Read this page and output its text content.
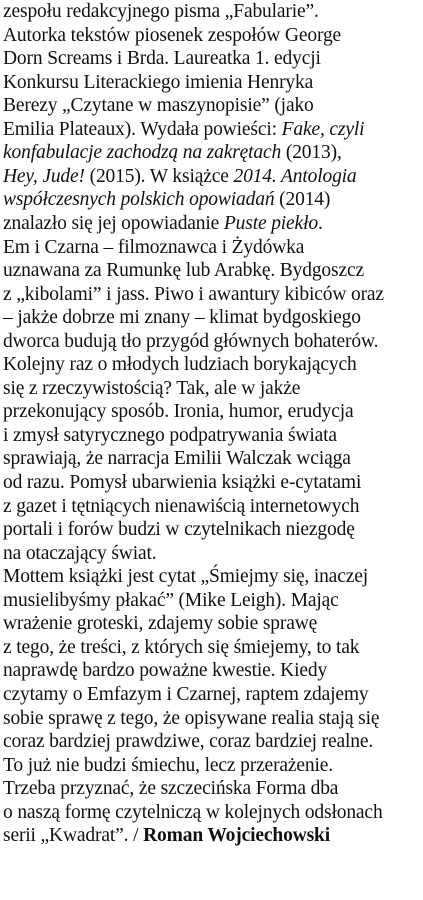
zespołu redakcyjnego pisma „Fabularie”.
Autorka tekstów piosenek zespołów George
Dorn Screams i Brda. Laureatka 1. edycji
Konkursu Literackiego imienia Henryka
Berezy „Czytane w maszynopisie” (jako
Emilia Plateaux). Wydała powieści: Fake, czyli
konfabulacje zachodzą na zakrętach (2013),
Hey, Jude! (2015). W książce 2014. Antologia
współczesnych polskich opowiadań (2014)
znalazło się jej opowiadanie Puste piekło.
Em i Czarna – filmoznawca i Żydówka
uznawana za Rumunkę lub Arabkę. Bydgoszcz
z „kibolami” i jass. Piwo i awantury kibiców oraz
– jakże dobrze mi znany – klimat bydgoskiego
dworca budują tło przygód głównych bohaterów.
Kolejny raz o młodych ludziach borykających
się z rzeczywistością? Tak, ale w jakże
przekonujący sposób. Ironia, humor, erudycja
i zmysł satyrycznego podpatrywania świata
sprawiają, że narracja Emilii Walczak wciąga
od razu. Pomysł ubarwienia książki e-cytatami
z gazet i tętniących nienawiścią internetowych
portali i forów budzi w czytelnikach niezgodę
na otaczający świat.
Mottem książki jest cytat „Śmiejmy się, inaczej
musielibyśmy płakać” (Mike Leigh). Mając
wrażenie groteski, zdajemy sobie sprawę
z tego, że treści, z których się śmiejemy, to tak
naprawdę bardzo poważne kwestie. Kiedy
czytamy o Emfazym i Czarnej, raptem zdajemy
sobie sprawę z tego, że opisywane realia stają się
coraz bardziej prawdziwe, coraz bardziej realne.
To już nie budzi śmiechu, lecz przerażenie.
Trzeba przyznać, że szczecińska Forma dba
o naszą formę czytelniczą w kolejnych odsłonach
serii „Kwadrat”. / Roman Wojciechowski
